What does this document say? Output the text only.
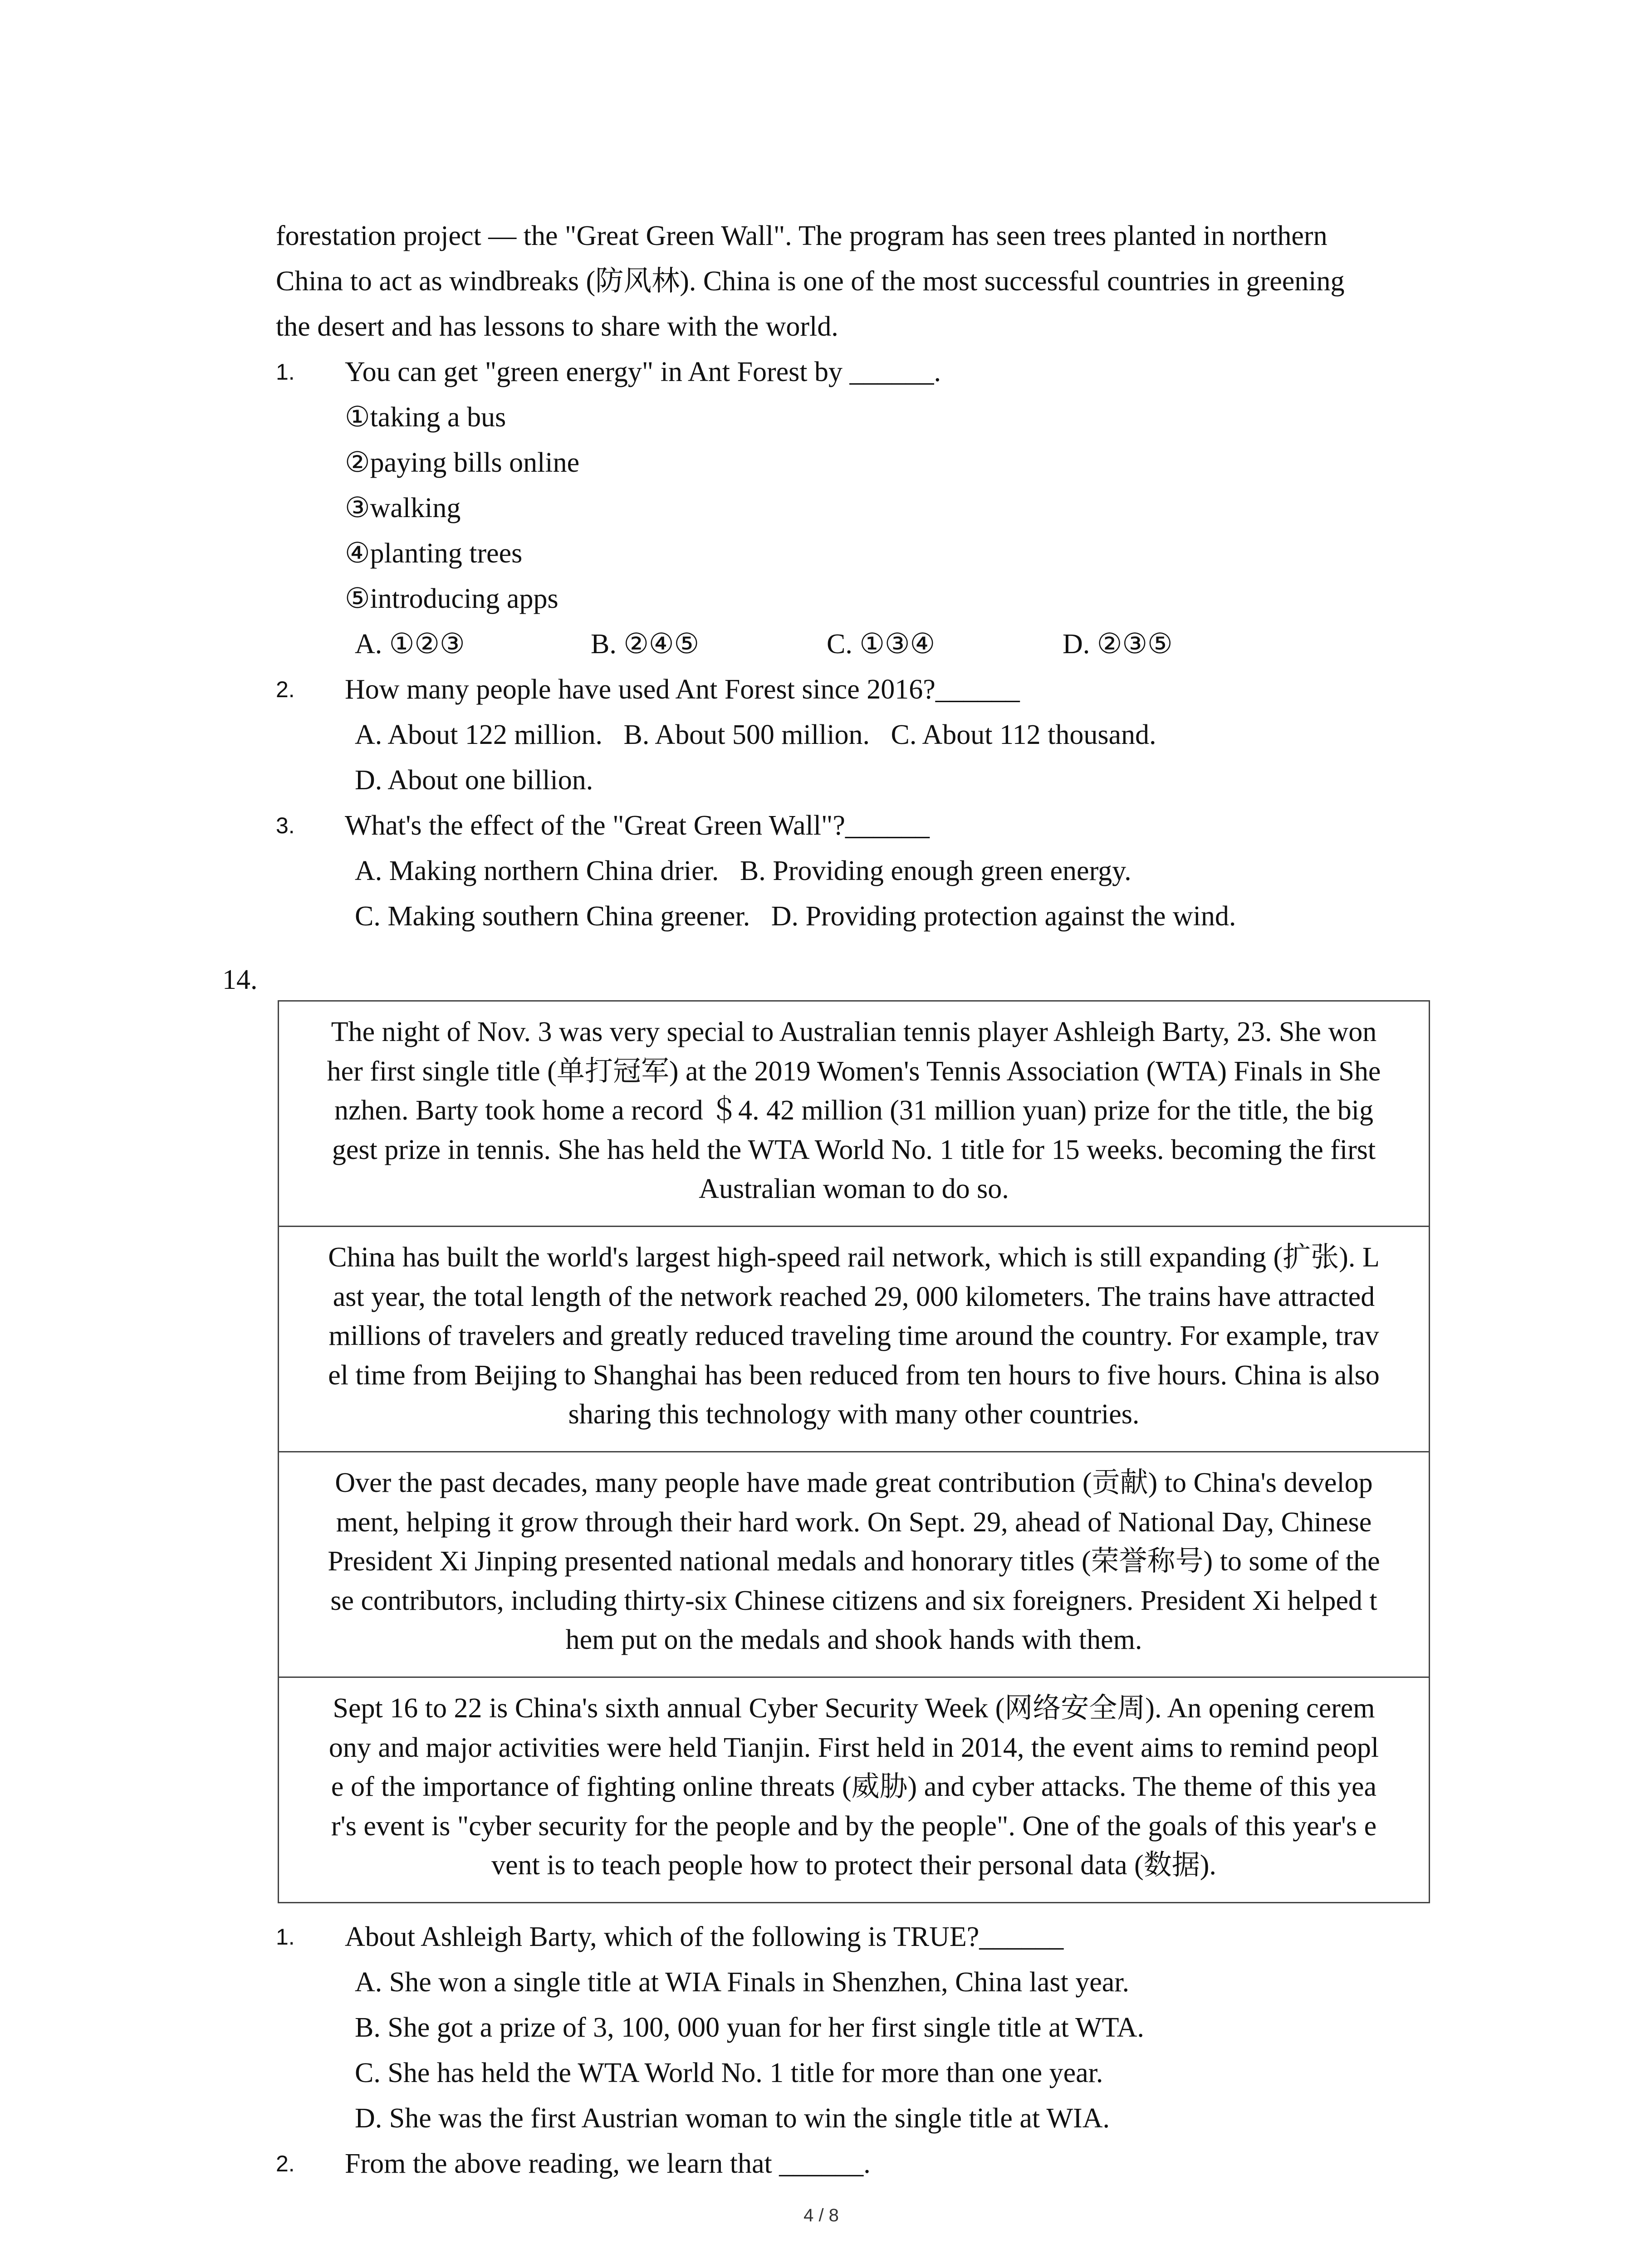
forestation project — the "Great Green Wall". The program has seen trees planted in northern
China to act as windbreaks (防风林). China is one of the most successful countries in greening
the desert and has lessons to share with the world.
1. You can get "green energy" in Ant Forest by ______.
①taking a bus
②paying bills online
③walking
④planting trees
⑤introducing apps
A. ①②③	B. ②④⑤	C. ①③④	D. ②③⑤
2. How many people have used Ant Forest since 2016?______
A. About 122 million.   B. About 500 million.   C. About 112 thousand.
D. About one billion.
3. What's the effect of the "Great Green Wall"?______
A. Making northern China drier.   B. Providing enough green energy.
C. Making southern China greener.   D. Providing protection against the wind.
14.
The night of Nov. 3 was very special to Australian tennis player Ashleigh Barty, 23. She won
her first single title (单打冠军) at the 2019 Women's Tennis Association (WTA) Finals in She
nzhen. Barty took home a record ＄4. 42 million (31 million yuan) prize for the title, the big
gest prize in tennis. She has held the WTA World No. 1 title for 15 weeks. becoming the first
Australian woman to do so.
China has built the world's largest high-speed rail network, which is still expanding (扩张). L
ast year, the total length of the network reached 29, 000 kilometers. The trains have attracted
millions of travelers and greatly reduced traveling time around the country. For example, trav
el time from Beijing to Shanghai has been reduced from ten hours to five hours. China is also
sharing this technology with many other countries.
Over the past decades, many people have made great contribution (贡献) to China's develop
ment, helping it grow through their hard work. On Sept. 29, ahead of National Day, Chinese
President Xi Jinping presented national medals and honorary titles (荣誉称号) to some of the
se contributors, including thirty-six Chinese citizens and six foreigners. President Xi helped t
hem put on the medals and shook hands with them.
Sept 16 to 22 is China's sixth annual Cyber Security Week (网络安全周). An opening cerem
ony and major activities were held Tianjin. First held in 2014, the event aims to remind peopl
e of the importance of fighting online threats (威胁) and cyber attacks. The theme of this yea
r's event is "cyber security for the people and by the people". One of the goals of this year's e
vent is to teach people how to protect their personal data (数据).
1. About Ashleigh Barty, which of the following is TRUE?______
A. She won a single title at WIA Finals in Shenzhen, China last year.
B. She got a prize of 3, 100, 000 yuan for her first single title at WTA.
C. She has held the WTA World No. 1 title for more than one year.
D. She was the first Austrian woman to win the single title at WIA.
2. From the above reading, we learn that ______.
4 / 8
